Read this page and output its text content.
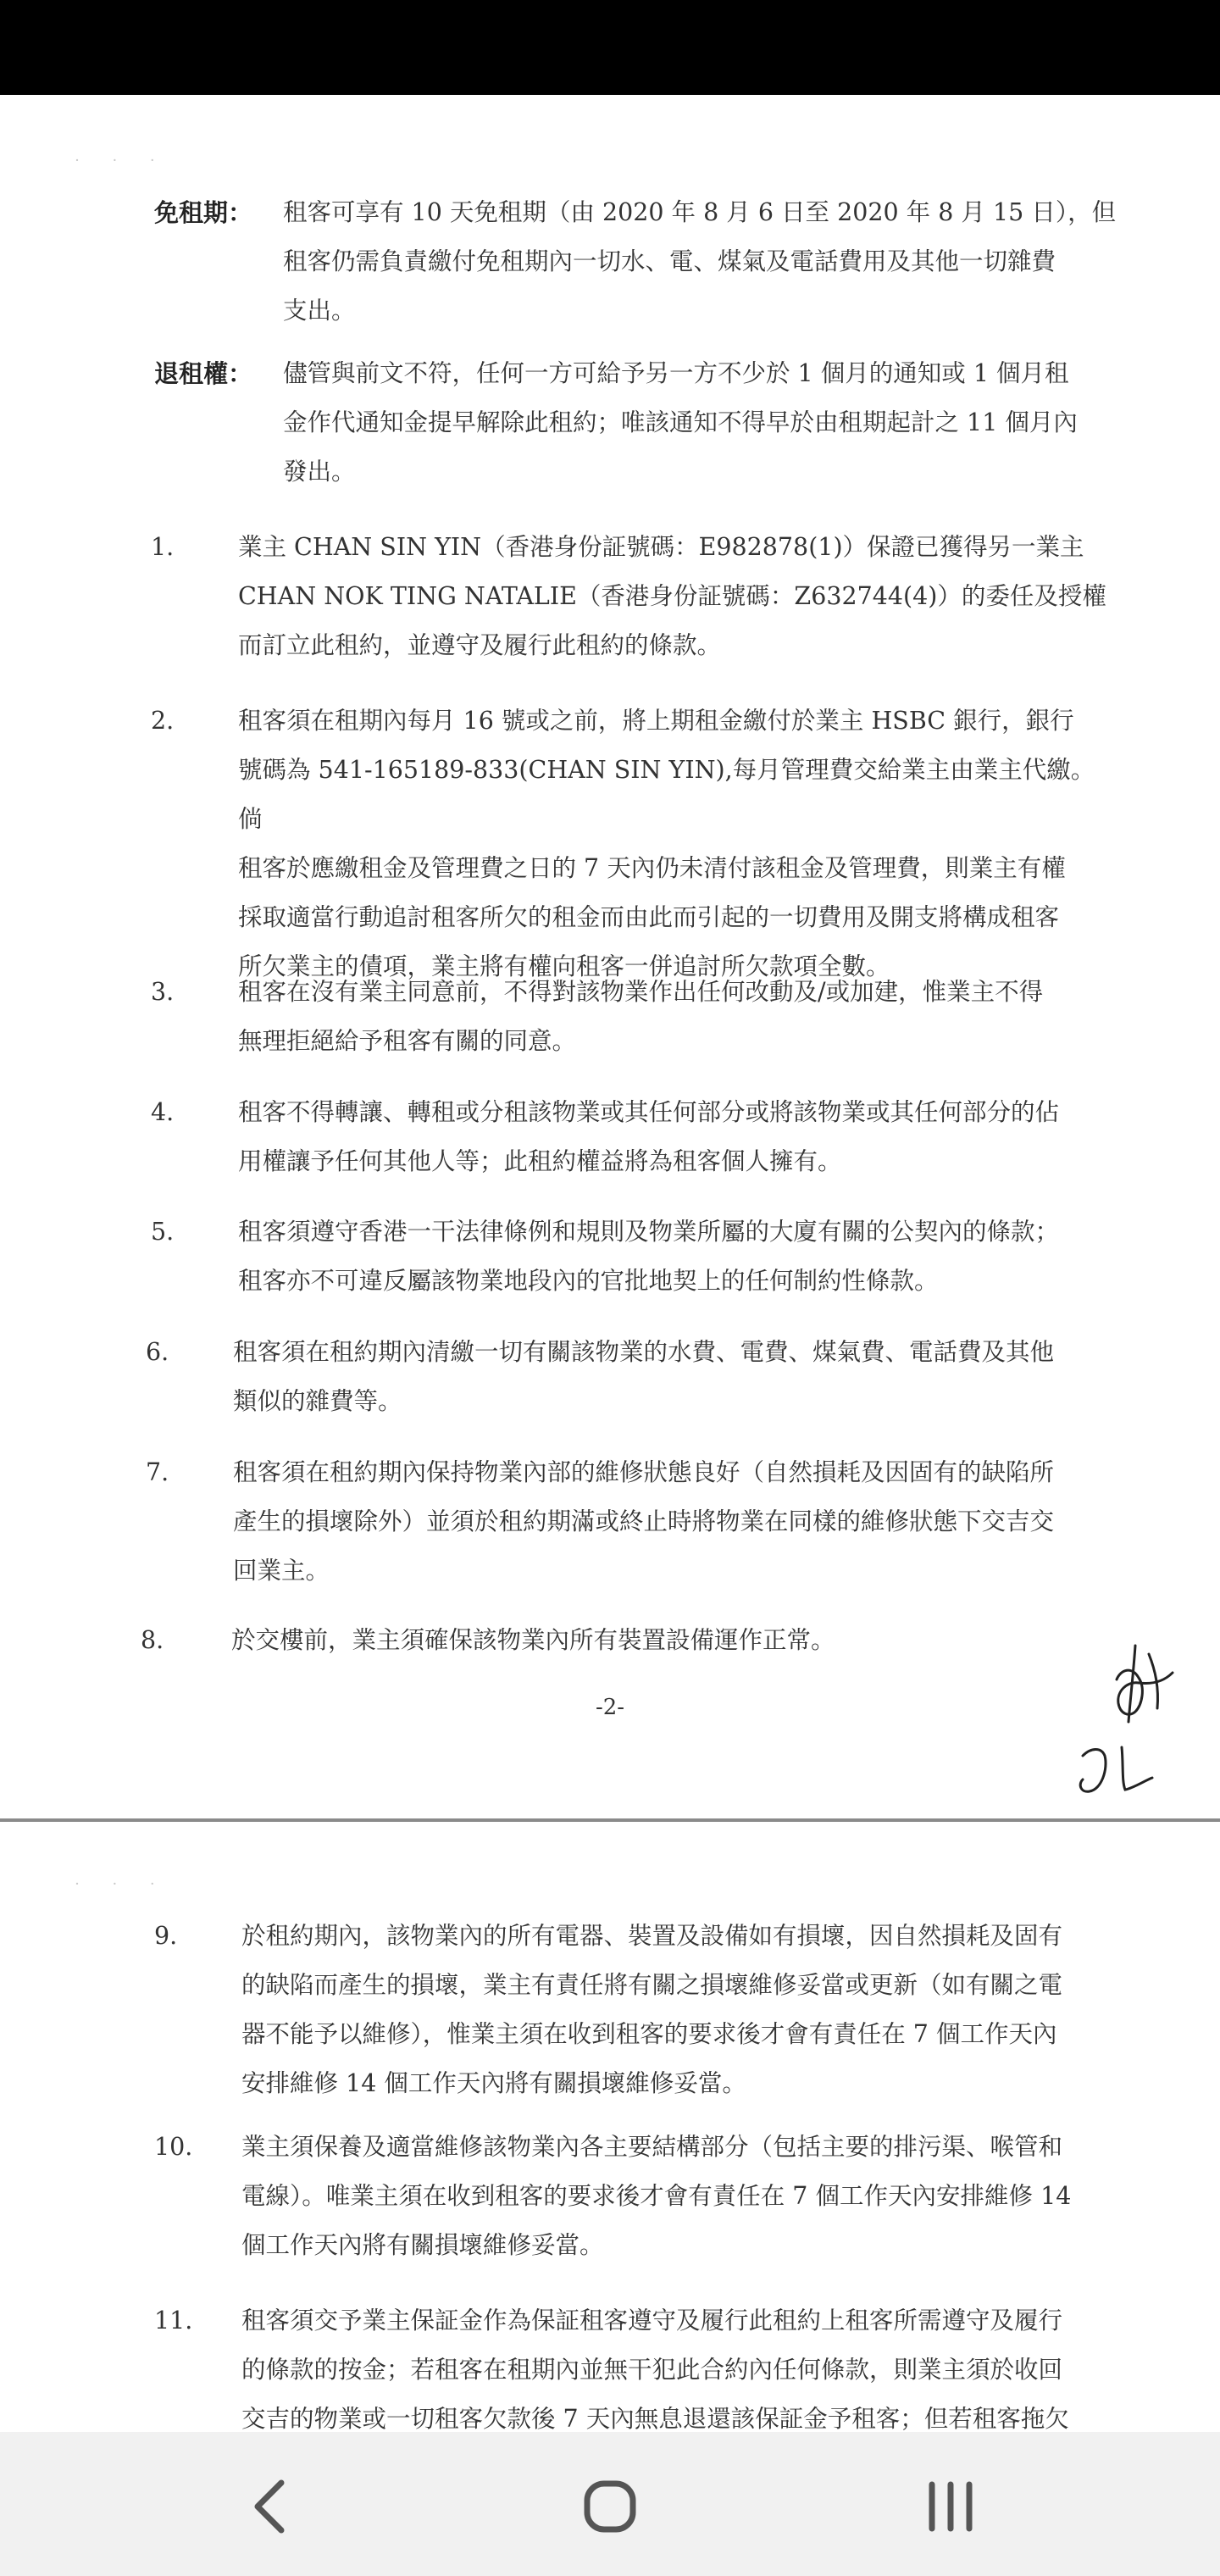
˙ ˙ ˙
免租期： 租客可享有 10 天免租期（由 2020 年 8 月 6 日至 2020 年 8 月 15 日），但
租客仍需負責繳付免租期內一切水、電、煤氣及電話費用及其他一切雜費
支出。
退租權： 儘管與前文不符，任何一方可給予另一方不少於 1 個月的通知或 1 個月租
金作代通知金提早解除此租約；唯該通知不得早於由租期起計之 11 個月內
發出。
1.	業主 CHAN SIN YIN（香港身份証號碼：E982878(1)）保證已獲得另一業主
CHAN NOK TING NATALIE（香港身份証號碼：Z632744(4)）的委任及授權
而訂立此租約，並遵守及履行此租約的條款。
2.	租客須在租期內每月 16 號或之前，將上期租金繳付於業主 HSBC 銀行，銀行
號碼為 541-165189-833(CHAN SIN YIN),每月管理費交給業主由業主代繳。 倘
租客於應繳租金及管理費之日的 7 天內仍未清付該租金及管理費，則業主有權
採取適當行動追討租客所欠的租金而由此而引起的一切費用及開支將構成租客
所欠業主的債項，業主將有權向租客一併追討所欠款項全數。
3.	租客在沒有業主同意前，不得對該物業作出任何改動及/或加建，惟業主不得
無理拒絕給予租客有關的同意。
4.	租客不得轉讓、轉租或分租該物業或其任何部分或將該物業或其任何部分的佔
用權讓予任何其他人等；此租約權益將為租客個人擁有。
5.	租客須遵守香港一干法律條例和規則及物業所屬的大廈有關的公契內的條款；
租客亦不可違反屬該物業地段內的官批地契上的任何制約性條款。
6.	租客須在租約期內清繳一切有關該物業的水費、電費、煤氣費、電話費及其他
類似的雜費等。
7.	租客須在租約期內保持物業內部的維修狀態良好（自然損耗及因固有的缺陷所
產生的損壞除外）並須於租約期滿或終止時將物業在同樣的維修狀態下交吉交
回業主。
8.	於交樓前，業主須確保該物業內所有裝置設備運作正常。
-2-
˙ ˙ ˙
9.	於租約期內，該物業內的所有電器、裝置及設備如有損壞，因自然損耗及固有
的缺陷而產生的損壞，業主有責任將有關之損壞維修妥當或更新（如有關之電
器不能予以維修），惟業主須在收到租客的要求後才會有責任在 7 個工作天內
安排維修 14 個工作天內將有關損壞維修妥當。
10. 業主須保養及適當維修該物業內各主要結構部分（包括主要的排污渠、喉管和
電線）。唯業主須在收到租客的要求後才會有責任在 7 個工作天內安排維修 14
個工作天內將有關損壞維修妥當。
11. 租客須交予業主保証金作為保証租客遵守及履行此租約上租客所需遵守及履行
的條款的按金；若租客在租期內並無干犯此合約內任何條款，則業主須於收回
交吉的物業或一切租客欠款後 7 天內無息退還該保証金予租客；但若租客拖欠
